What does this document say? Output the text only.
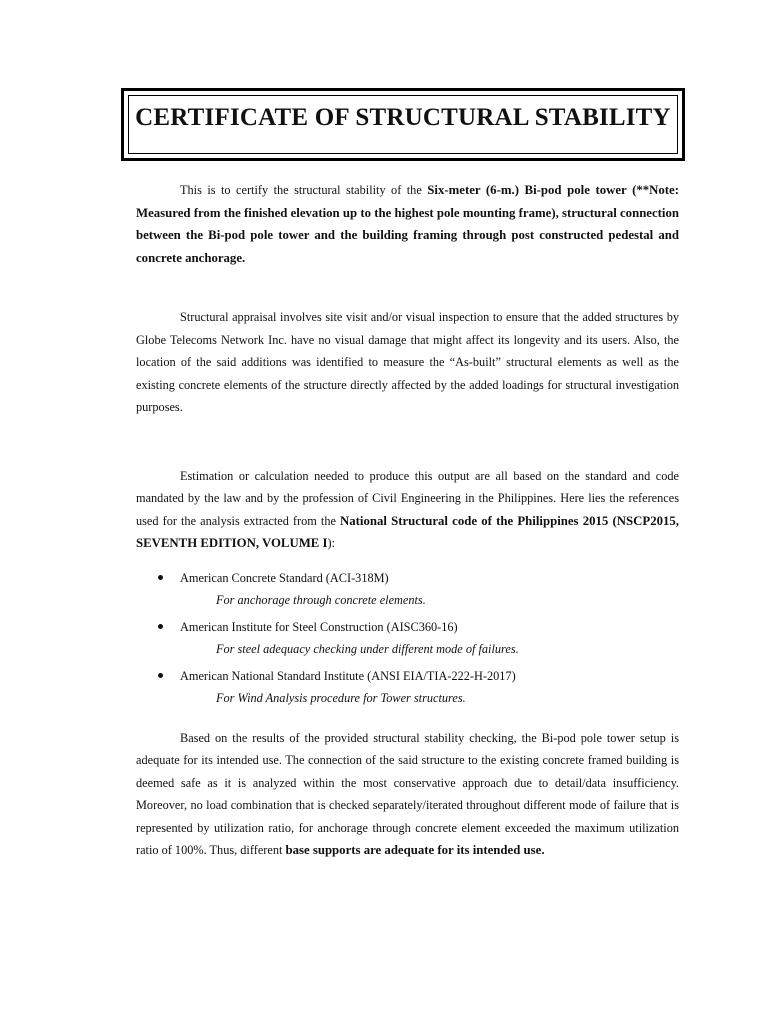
CERTIFICATE OF STRUCTURAL STABILITY

This is to certify the structural stability of the Six-meter (6-m.) Bi-pod pole tower (**Note: Measured from the finished elevation up to the highest pole mounting frame), structural connection between the Bi-pod pole tower and the building framing through post constructed pedestal and concrete anchorage.

Structural appraisal involves site visit and/or visual inspection to ensure that the added structures by Globe Telecoms Network Inc. have no visual damage that might affect its longevity and its users. Also, the location of the said additions was identified to measure the “As-built” structural elements as well as the existing concrete elements of the structure directly affected by the added loadings for structural investigation purposes.

Estimation or calculation needed to produce this output are all based on the standard and code mandated by the law and by the profession of Civil Engineering in the Philippines. Here lies the references used for the analysis extracted from the National Structural code of the Philippines 2015 (NSCP2015, SEVENTH EDITION, VOLUME I):

American Concrete Standard (ACI-318M)
For anchorage through concrete elements.
American Institute for Steel Construction (AISC360-16)
For steel adequacy checking under different mode of failures.
American National Standard Institute (ANSI EIA/TIA-222-H-2017)
For Wind Analysis procedure for Tower structures.

Based on the results of the provided structural stability checking, the Bi-pod pole tower setup is adequate for its intended use. The connection of the said structure to the existing concrete framed building is deemed safe as it is analyzed within the most conservative approach due to detail/data insufficiency. Moreover, no load combination that is checked separately/iterated throughout different mode of failure that is represented by utilization ratio, for anchorage through concrete element exceeded the maximum utilization ratio of 100%. Thus, different base supports are adequate for its intended use.
